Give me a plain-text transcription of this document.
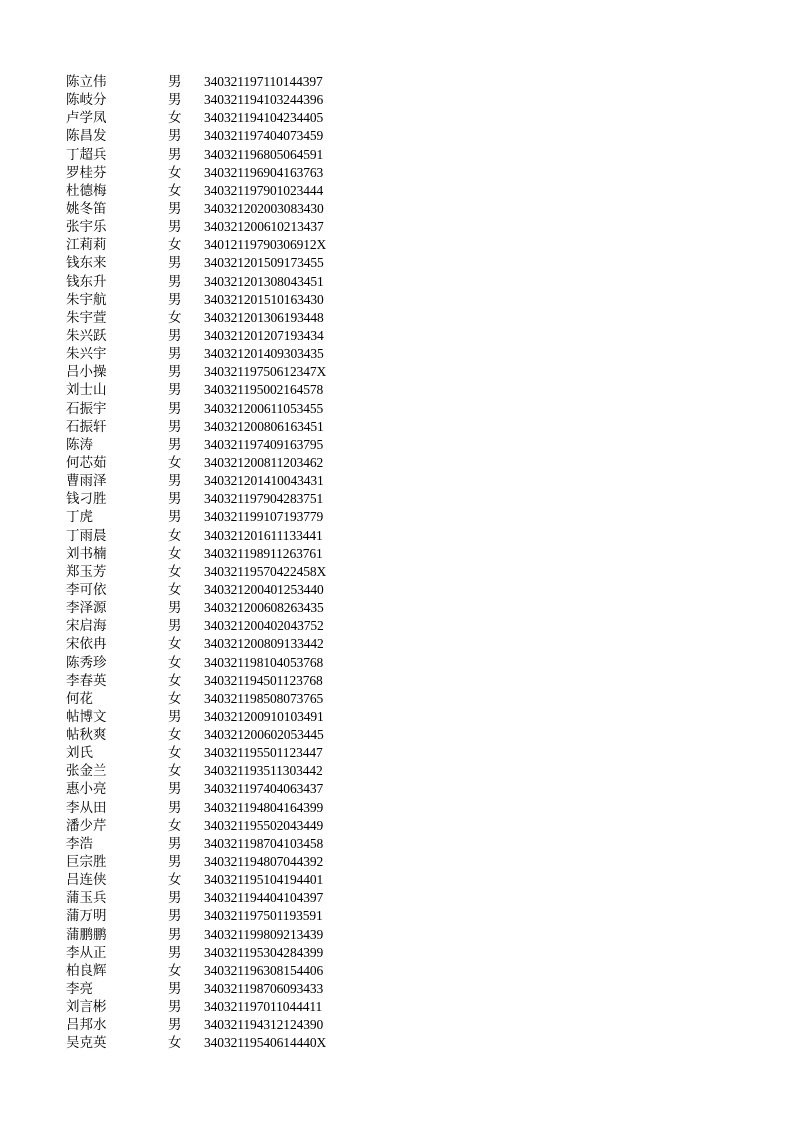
陈立伟	男 340321197110144397
陈岐分	男 340321194103244396
卢学凤	女 340321194104234405
陈昌发	男 340321197404073459
丁超兵	男 340321196805064591
罗桂芬	女 340321196904163763
杜德梅	女 340321197901023444
姚冬笛	男 340321202003083430
张宇乐	男 340321200610213437
江莉莉	女 34012119790306912X
钱东来	男 340321201509173455
钱东升	男 340321201308043451
朱宇航	男 340321201510163430
朱宇萱	女 340321201306193448
朱兴跃	男 340321201207193434
朱兴宇	男 340321201409303435
吕小操	男 34032119750612347X
刘士山	男 340321195002164578
石振宇	男 340321200611053455
石振轩	男 340321200806163451
陈涛	男 340321197409163795
何芯茹	女 340321200811203462
曹雨泽	男 340321201410043431
钱刁胜	男 340321197904283751
丁虎	男 340321199107193779
丁雨晨	女 340321201611133441
刘书楠	女 340321198911263761
郑玉芳	女 34032119570422458X
李可依	女 340321200401253440
李泽源	男 340321200608263435
宋启海	男 340321200402043752
宋依冉	女 340321200809133442
陈秀珍	女 340321198104053768
李春英	女 340321194501123768
何花	女 340321198508073765
帖博文	男 340321200910103491
帖秋爽	女 340321200602053445
刘氏	女 340321195501123447
张金兰	女 340321193511303442
惠小亮	男 340321197404063437
李从田	男 340321194804164399
潘少芹	女 340321195502043449
李浩	男 340321198704103458
巨宗胜	男 340321194807044392
吕连侠	女 340321195104194401
蒲玉兵	男 340321194404104397
蒲万明	男 340321197501193591
蒲鹏鹏	男 340321199809213439
李从正	男 340321195304284399
柏良辉	女 340321196308154406
李亮	男 340321198706093433
刘言彬	男 340321197011044411
吕邦水	男 340321194312124390
吴克英	女 34032119540614440X
